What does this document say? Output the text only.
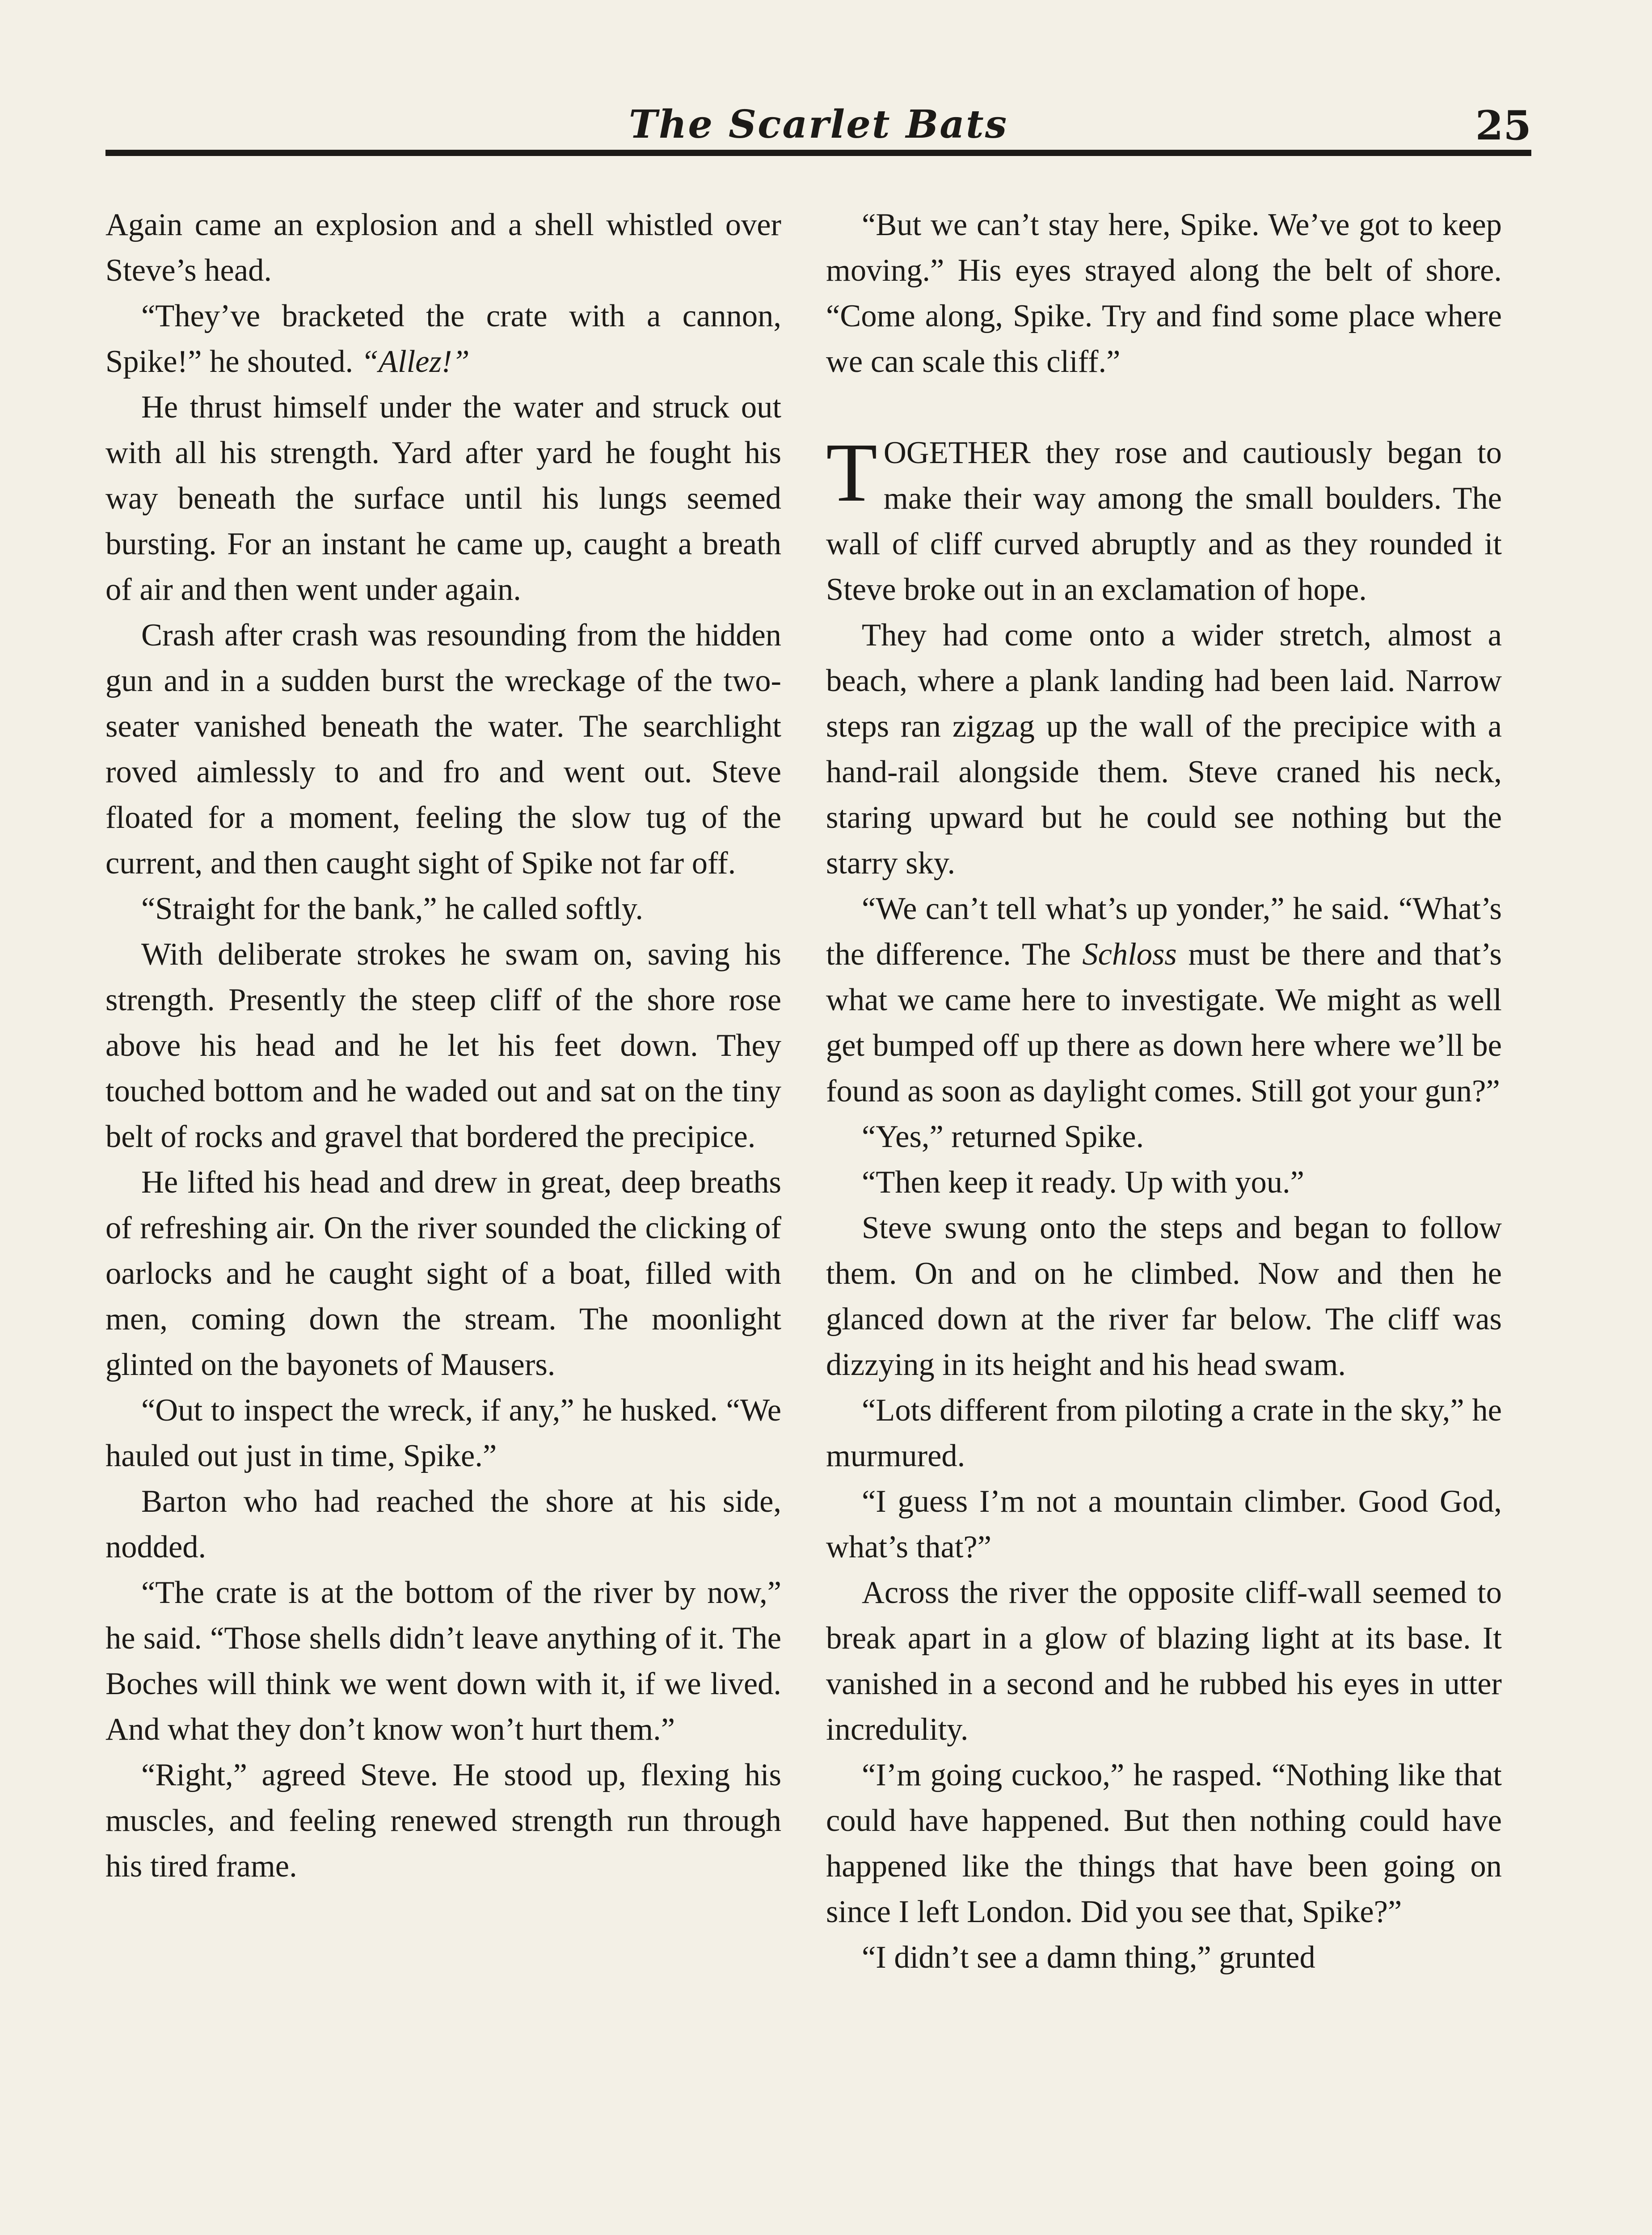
The Scarlet Bats	25

Again came an explosion and a shell whistled over Steve’s head.

“They’ve bracketed the crate with a cannon, Spike!” he shouted. “Allez!”

He thrust himself under the water and struck out with all his strength. Yard after yard he fought his way beneath the surface until his lungs seemed bursting. For an instant he came up, caught a breath of air and then went under again.

Crash after crash was resounding from the hidden gun and in a sudden burst the wreckage of the two-seater vanished beneath the water. The searchlight roved aimlessly to and fro and went out. Steve floated for a moment, feeling the slow tug of the current, and then caught sight of Spike not far off.

“Straight for the bank,” he called softly.

With deliberate strokes he swam on, saving his strength. Presently the steep cliff of the shore rose above his head and he let his feet down. They touched bottom and he waded out and sat on the tiny belt of rocks and gravel that bordered the precipice.

He lifted his head and drew in great, deep breaths of refreshing air. On the river sounded the clicking of oarlocks and he caught sight of a boat, filled with men, coming down the stream. The moonlight glinted on the bayonets of Mausers.

“Out to inspect the wreck, if any,” he husked. “We hauled out just in time, Spike.”

Barton who had reached the shore at his side, nodded.

“The crate is at the bottom of the river by now,” he said. “Those shells didn’t leave anything of it. The Boches will think we went down with it, if we lived. And what they don’t know won’t hurt them.”

“Right,” agreed Steve. He stood up, flexing his muscles, and feeling renewed strength run through his tired frame.

“But we can’t stay here, Spike. We’ve got to keep moving.” His eyes strayed along the belt of shore. “Come along, Spike. Try and find some place where we can scale this cliff.”

TOGETHER they rose and cautiously began to make their way among the small boulders. The wall of cliff curved abruptly and as they rounded it Steve broke out in an exclamation of hope.

They had come onto a wider stretch, almost a beach, where a plank landing had been laid. Narrow steps ran zigzag up the wall of the precipice with a hand-rail alongside them. Steve craned his neck, staring upward but he could see nothing but the starry sky.

“We can’t tell what’s up yonder,” he said. “What’s the difference. The Schloss must be there and that’s what we came here to investigate. We might as well get bumped off up there as down here where we’ll be found as soon as daylight comes. Still got your gun?”

“Yes,” returned Spike.

“Then keep it ready. Up with you.”

Steve swung onto the steps and began to follow them. On and on he climbed. Now and then he glanced down at the river far below. The cliff was dizzying in its height and his head swam.

“Lots different from piloting a crate in the sky,” he murmured.

“I guess I’m not a mountain climber. Good God, what’s that?”

Across the river the opposite cliff-wall seemed to break apart in a glow of blazing light at its base. It vanished in a second and he rubbed his eyes in utter incredulity.

“I’m going cuckoo,” he rasped. “Nothing like that could have happened. But then nothing could have happened like the things that have been going on since I left London. Did you see that, Spike?”

“I didn’t see a damn thing,” grunted
